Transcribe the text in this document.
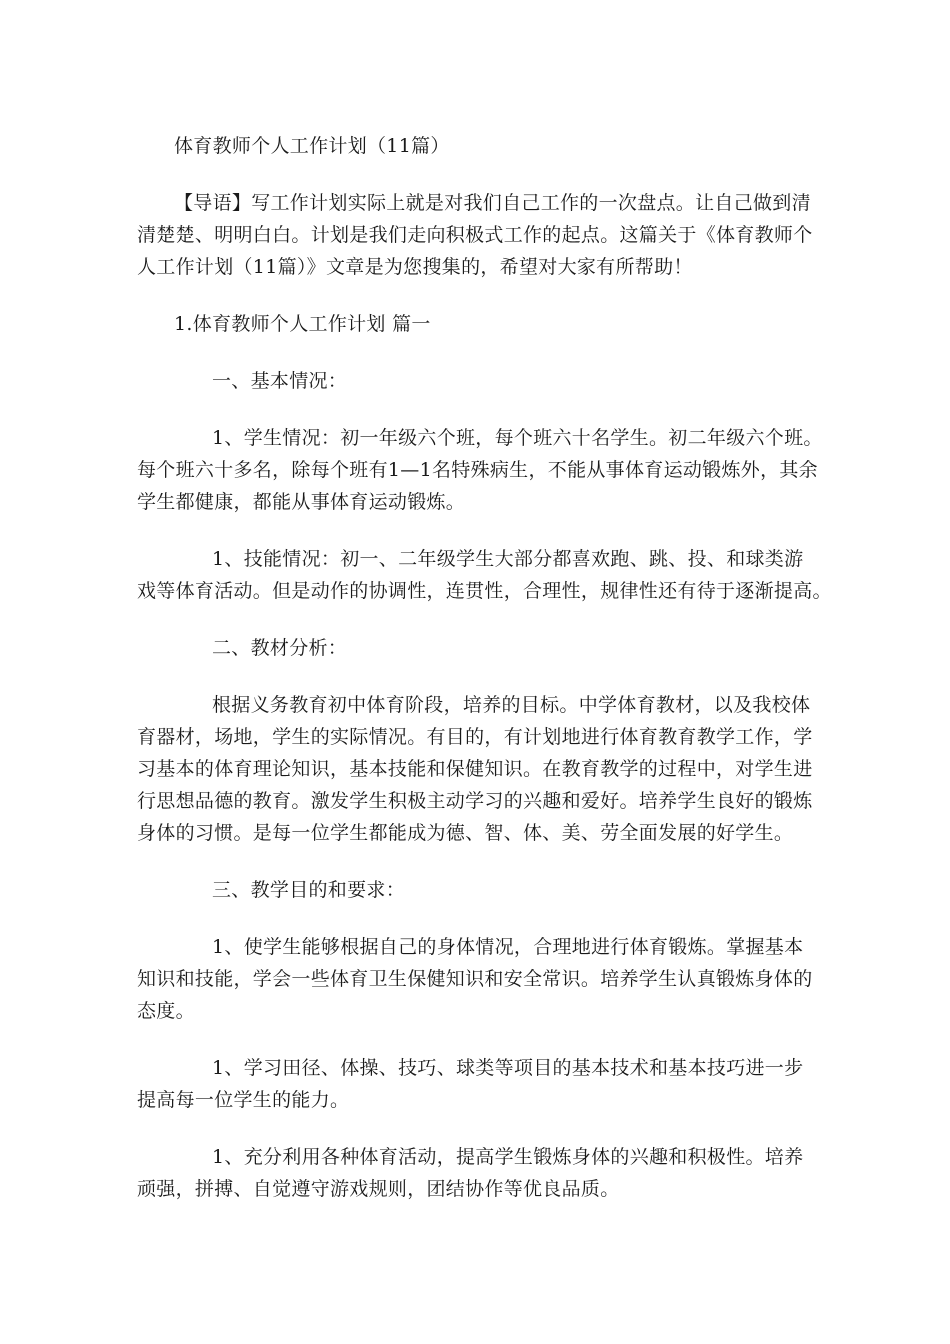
体育教师个人工作计划（11篇）
【导语】写工作计划实际上就是对我们自己工作的一次盘点。让自己做到清
清楚楚、明明白白。计划是我们走向积极式工作的起点。这篇关于《体育教师个
人工作计划（11篇）》文章是为您搜集的，希望对大家有所帮助！
1.体育教师个人工作计划 篇一
一、基本情况：
1、学生情况：初一年级六个班，每个班六十名学生。初二年级六个班。
每个班六十多名，除每个班有1—1名特殊病生，不能从事体育运动锻炼外，其余
学生都健康，都能从事体育运动锻炼。
1、技能情况：初一、二年级学生大部分都喜欢跑、跳、投、和球类游
戏等体育活动。但是动作的协调性，连贯性，合理性，规律性还有待于逐渐提高。
二、教材分析：
根据义务教育初中体育阶段，培养的目标。中学体育教材，以及我校体
育器材，场地，学生的实际情况。有目的，有计划地进行体育教育教学工作，学
习基本的体育理论知识，基本技能和保健知识。在教育教学的过程中，对学生进
行思想品德的教育。激发学生积极主动学习的兴趣和爱好。培养学生良好的锻炼
身体的习惯。是每一位学生都能成为德、智、体、美、劳全面发展的好学生。
三、教学目的和要求：
1、使学生能够根据自己的身体情况，合理地进行体育锻炼。掌握基本
知识和技能，学会一些体育卫生保健知识和安全常识。培养学生认真锻炼身体的
态度。
1、学习田径、体操、技巧、球类等项目的基本技术和基本技巧进一步
提高每一位学生的能力。
1、充分利用各种体育活动，提高学生锻炼身体的兴趣和积极性。培养
顽强，拼搏、自觉遵守游戏规则，团结协作等优良品质。
